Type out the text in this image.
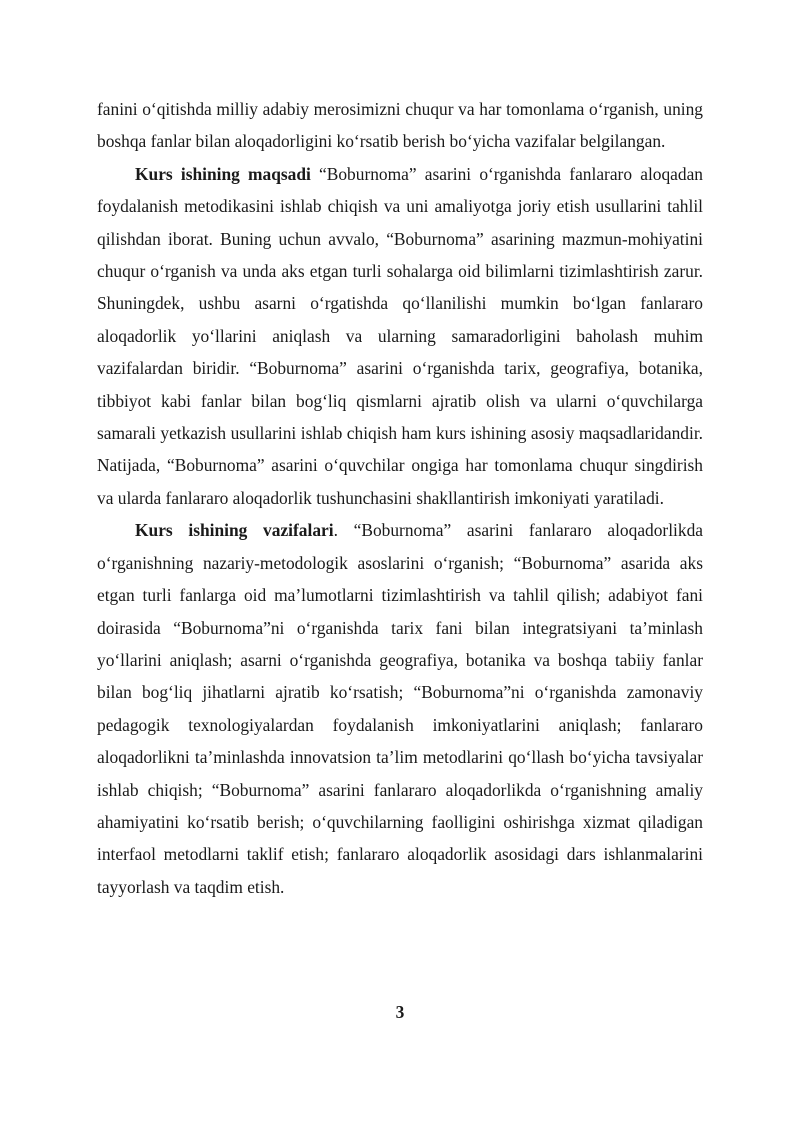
fanini o‘qitishda milliy adabiy merosimizni chuqur va har tomonlama o‘rganish, uning boshqa fanlar bilan aloqadorligini ko‘rsatib berish bo‘yicha vazifalar belgilangan.

Kurs ishining maqsadi “Boburnoma” asarini o‘rganishda fanlararo aloqadan foydalanish metodikasini ishlab chiqish va uni amaliyotga joriy etish usullarini tahlil qilishdan iborat. Buning uchun avvalo, “Boburnoma” asarining mazmun-mohiyatini chuqur o‘rganish va unda aks etgan turli sohalarga oid bilimlarni tizimlashtirish zarur. Shuningdek, ushbu asarni o‘rgatishda qo‘llanilishi mumkin bo‘lgan fanlararo aloqadorlik yo‘llarini aniqlash va ularning samaradorligini baholash muhim vazifalardan biridir. “Boburnoma” asarini o‘rganishda tarix, geografiya, botanika, tibbiyot kabi fanlar bilan bog‘liq qismlarni ajratib olish va ularni o‘quvchilarga samarali yetkazish usullarini ishlab chiqish ham kurs ishining asosiy maqsadlaridandir. Natijada, “Boburnoma” asarini o‘quvchilar ongiga har tomonlama chuqur singdirish va ularda fanlararo aloqadorlik tushunchasini shakllantirish imkoniyati yaratiladi.

Kurs ishining vazifalari. “Boburnoma” asarini fanlararo aloqadorlikda o‘rganishning nazariy-metodologik asoslarini o‘rganish; “Boburnoma” asarida aks etgan turli fanlarga oid ma’lumotlarni tizimlashtirish va tahlil qilish; adabiyot fani doirasida “Boburnoma”ni o‘rganishda tarix fani bilan integratsiyani ta’minlash yo‘llarini aniqlash; asarni o‘rganishda geografiya, botanika va boshqa tabiiy fanlar bilan bog‘liq jihatlarni ajratib ko‘rsatish; “Boburnoma”ni o‘rganishda zamonaviy pedagogik texnologiyalardan foydalanish imkoniyatlarini aniqlash; fanlararo aloqadorlikni ta’minlashda innovatsion ta’lim metodlarini qo‘llash bo‘yicha tavsiyalar ishlab chiqish; “Boburnoma” asarini fanlararo aloqadorlikda o‘rganishning amaliy ahamiyatini ko‘rsatib berish; o‘quvchilarning faolligini oshirishga xizmat qiladigan interfaol metodlarni taklif etish; fanlararo aloqadorlik asosidagi dars ishlanmalarini tayyorlash va taqdim etish.

3
